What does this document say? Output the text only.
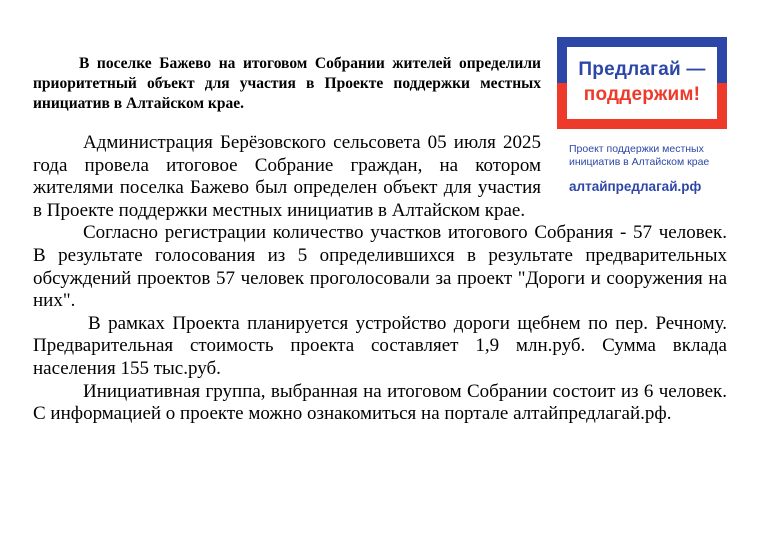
В поселке Бажево на итоговом Собрании жителей определили приоритетный объект для участия в Проекте поддержки местных инициатив в Алтайском крае.

Администрация Берёзовского сельсовета 05 июля 2025 года провела итоговое Собрание граждан, на котором жителями поселка Бажево был определен объект для участия в Проекте поддержки местных инициатив в Алтайском крае.

Согласно регистрации количество участков итогового Собрания - 57 человек. В результате голосования из 5 определившихся в результате предварительных обсуждений проектов 57 человек проголосовали за проект "Дороги и сооружения на них".

В рамках Проекта планируется устройство дороги щебнем по пер. Речному. Предварительная стоимость проекта составляет 1,9 млн.руб. Сумма вклада населения 155 тыс.руб.

Инициативная группа, выбранная на итоговом Собрании состоит из 6 человек. С информацией о проекте можно ознакомиться на портале алтайпредлагай.рф.

Предлагай —
поддержим!
Проект поддержки местных инициатив в Алтайском крае
алтайпредлагай.рф
